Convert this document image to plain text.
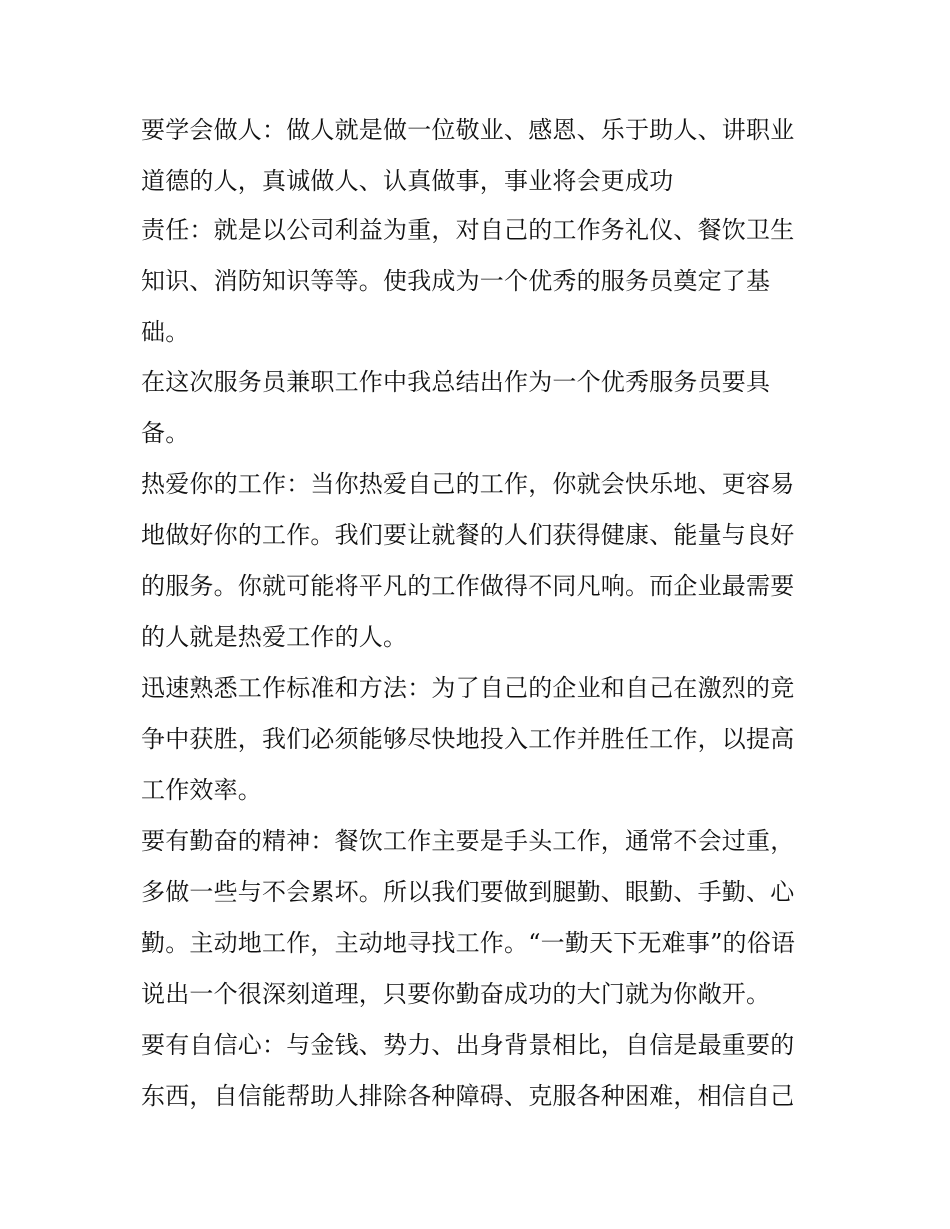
要学会做人：做人就是做一位敬业、感恩、乐于助人、讲职业
道德的人，真诚做人、认真做事，事业将会更成功
责任：就是以公司利益为重，对自己的工作务礼仪、餐饮卫生
知识、消防知识等等。使我成为一个优秀的服务员奠定了基
础。
在这次服务员兼职工作中我总结出作为一个优秀服务员要具
备。
热爱你的工作：当你热爱自己的工作，你就会快乐地、更容易
地做好你的工作。我们要让就餐的人们获得健康、能量与良好
的服务。你就可能将平凡的工作做得不同凡响。而企业最需要
的人就是热爱工作的人。
迅速熟悉工作标准和方法：为了自己的企业和自己在激烈的竞
争中获胜，我们必须能够尽快地投入工作并胜任工作，以提高
工作效率。
要有勤奋的精神：餐饮工作主要是手头工作，通常不会过重，
多做一些与不会累坏。所以我们要做到腿勤、眼勤、手勤、心
勤。主动地工作，主动地寻找工作。“一勤天下无难事”的俗语
说出一个很深刻道理，只要你勤奋成功的大门就为你敞开。
要有自信心：与金钱、势力、出身背景相比，自信是最重要的
东西，自信能帮助人排除各种障碍、克服各种困难，相信自己
